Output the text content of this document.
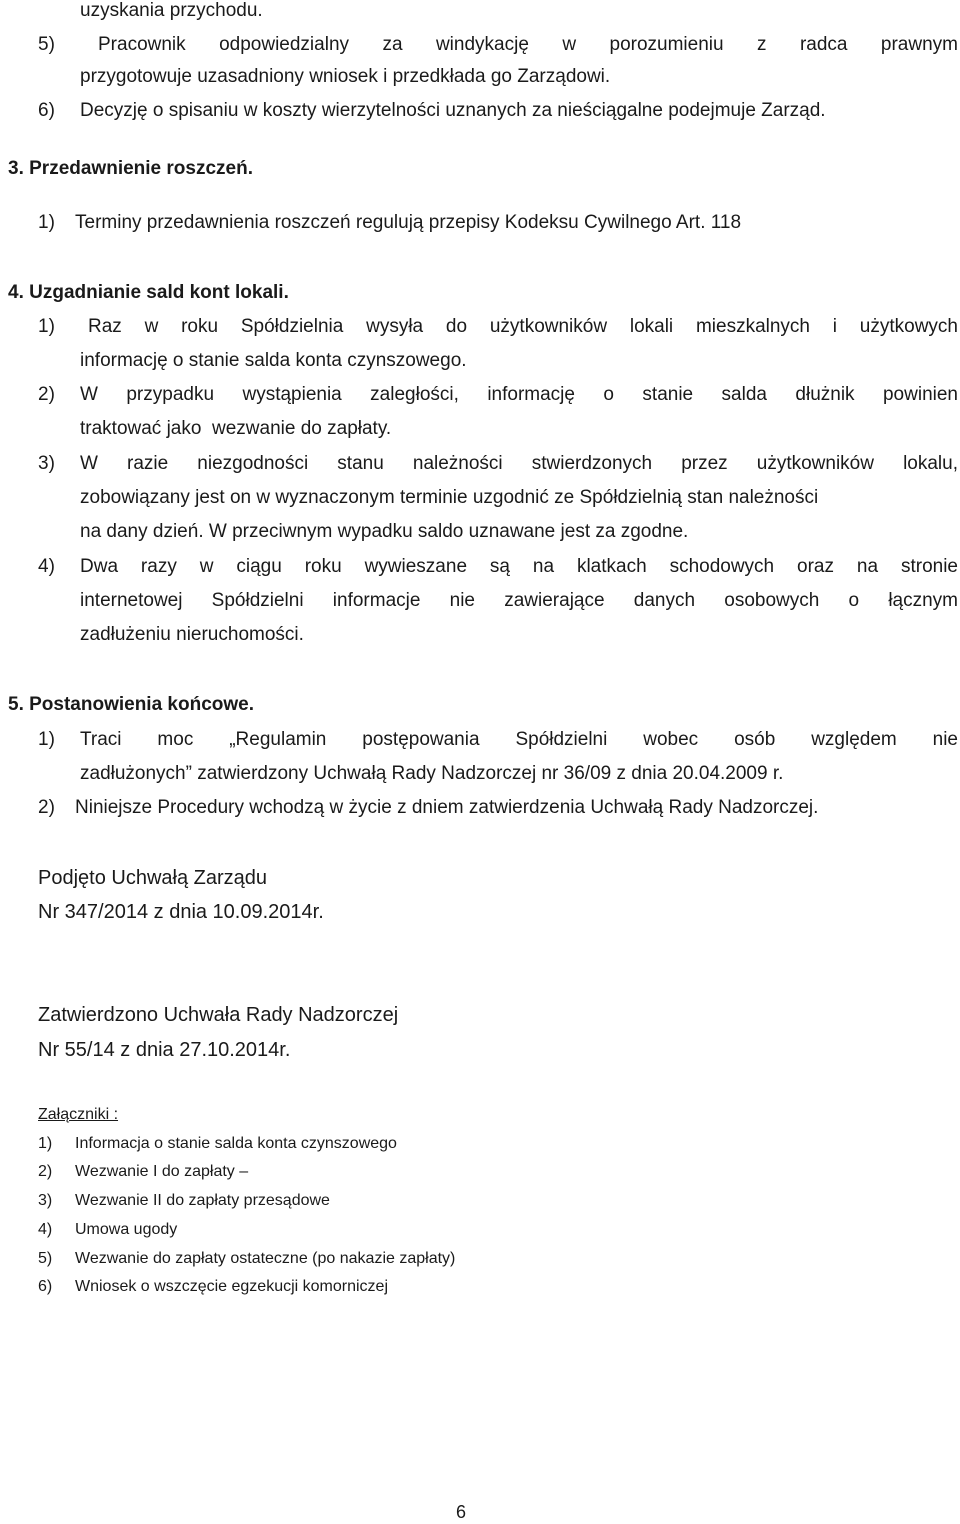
uzyskania przychodu.
5) Pracownik odpowiedzialny za windykację w porozumieniu z radca prawnym
przygotowuje uzasadniony wniosek i przedkłada go Zarządowi.
6) Decyzję o spisaniu w koszty wierzytelności uznanych za nieściągalne podejmuje Zarząd.
3. Przedawnienie roszczeń.
1) Terminy przedawnienia roszczeń regulują przepisy Kodeksu Cywilnego Art. 118
4. Uzgadnianie sald kont lokali.
1) Raz w roku Spółdzielnia wysyła do użytkowników lokali mieszkalnych i użytkowych
informację o stanie salda konta czynszowego.
2) W przypadku wystąpienia zaległości, informację o stanie salda dłużnik powinien
traktować jako  wezwanie do zapłaty.
3) W razie niezgodności stanu należności stwierdzonych przez użytkowników lokalu,
zobowiązany jest on w wyznaczonym terminie uzgodnić ze Spółdzielnią stan należności
na dany dzień. W przeciwnym wypadku saldo uznawane jest za zgodne.
4) Dwa razy w ciągu roku wywieszane są na klatkach schodowych oraz na stronie
internetowej Spółdzielni informacje nie zawierające danych osobowych o łącznym
zadłużeniu nieruchomości.
5. Postanowienia końcowe.
1) Traci moc „Regulamin postępowania Spółdzielni wobec osób względem nie
zadłużonych” zatwierdzony Uchwałą Rady Nadzorczej nr 36/09 z dnia 20.04.2009 r.
2) Niniejsze Procedury wchodzą w życie z dniem zatwierdzenia Uchwałą Rady Nadzorczej.
Podjęto Uchwałą Zarządu
Nr 347/2014 z dnia 10.09.2014r.
Zatwierdzono Uchwała Rady Nadzorczej
Nr 55/14 z dnia 27.10.2014r.
Załączniki :
1) Informacja o stanie salda konta czynszowego
2) Wezwanie I do zapłaty –
3) Wezwanie II do zapłaty przesądowe
4) Umowa ugody
5) Wezwanie do zapłaty ostateczne (po nakazie zapłaty)
6) Wniosek o wszczęcie egzekucji komorniczej
6
